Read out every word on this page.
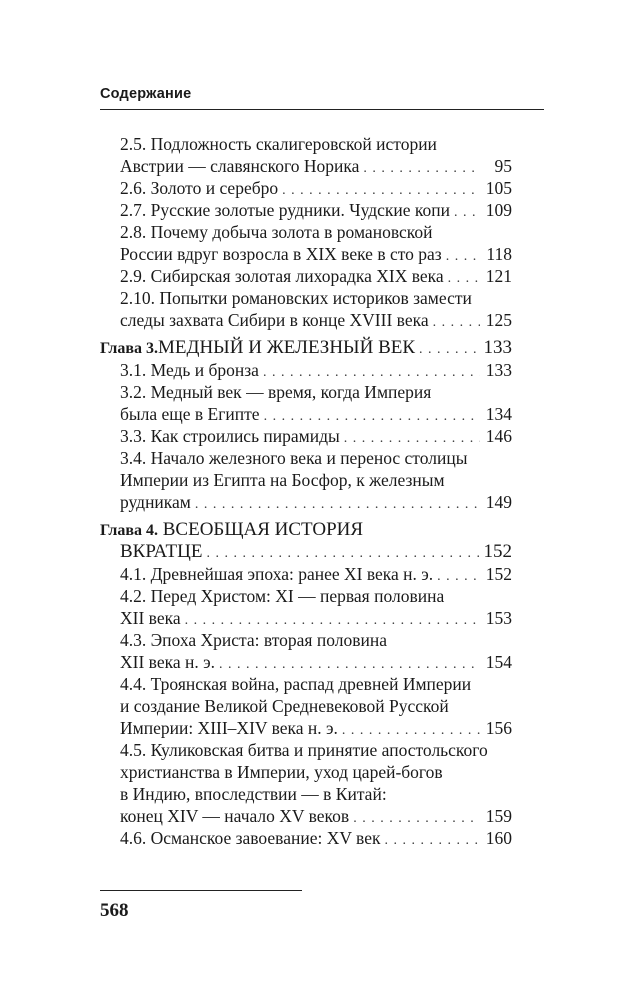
Содержание
2.5. Подложность скалигеровской истории
Австрии — славянского Норика . . .	95
2.6. Золото и серебро . . .	105
2.7. Русские золотые рудники. Чудские копи . . . 109
2.8. Почему добыча золота в романовской
России вдруг возросла в XIX веке в сто раз . . .	118
2.9. Сибирская золотая лихорадка XIX века . . . 121
2.10. Попытки романовских историков замести
следы захвата Сибири в конце XVIII века . . .	125
Глава 3. МЕДНЫЙ И ЖЕЛЕЗНЫЙ ВЕК . . .	133
3.1. Медь и бронза . . .	133
3.2. Медный век — время, когда Империя
была еще в Египте . . .	134
3.3. Как строились пирамиды . . .	146
3.4. Начало железного века и перенос столицы
Империи из Египта на Босфор, к железным
рудникам . . .	149
Глава 4. ВСЕОБЩАЯ ИСТОРИЯ
ВКРАТЦЕ . . .	152
4.1. Древнейшая эпоха: ранее XI века н. э. . . .	152
4.2. Перед Христом: XI — первая половина
XII века . . .	153
4.3. Эпоха Христа: вторая половина
XII века н. э. . . .	154
4.4. Троянская война, распад древней Империи
и создание Великой Средневековой Русской
Империи: XIII–XIV века н. э. . . .	156
4.5. Куликовская битва и принятие апостольского
христианства в Империи, уход царей-богов
в Индию, впоследствии — в Китай:
конец XIV — начало XV веков . . .	159
4.6. Османское завоевание: XV век . . .	160
568
